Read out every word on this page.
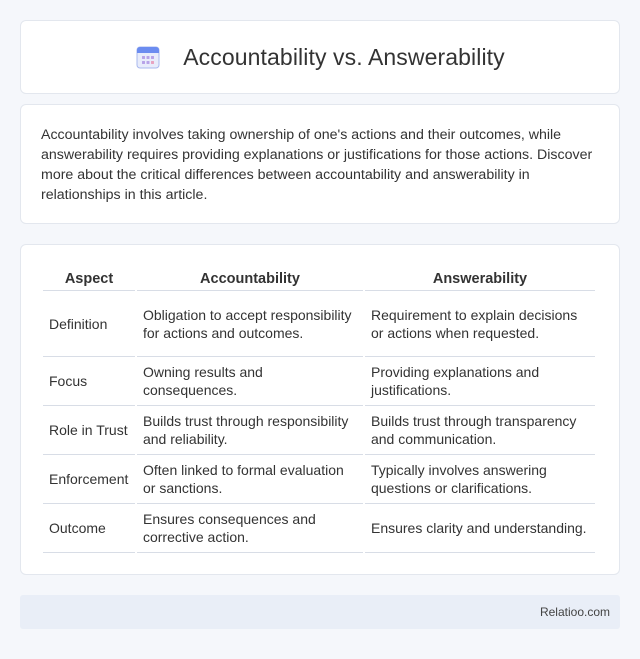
Accountability vs. Answerability

Accountability involves taking ownership of one's actions and their outcomes, while answerability requires providing explanations or justifications for those actions. Discover more about the critical differences between accountability and answerability in relationships in this article.

Aspect	Accountability	Answerability
Definition	Obligation to accept responsibility for actions and outcomes.	Requirement to explain decisions or actions when requested.
Focus	Owning results and consequences.	Providing explanations and justifications.
Role in Trust	Builds trust through responsibility and reliability.	Builds trust through transparency and communication.
Enforcement	Often linked to formal evaluation or sanctions.	Typically involves answering questions or clarifications.
Outcome	Ensures consequences and corrective action.	Ensures clarity and understanding.
Relatioo.com
